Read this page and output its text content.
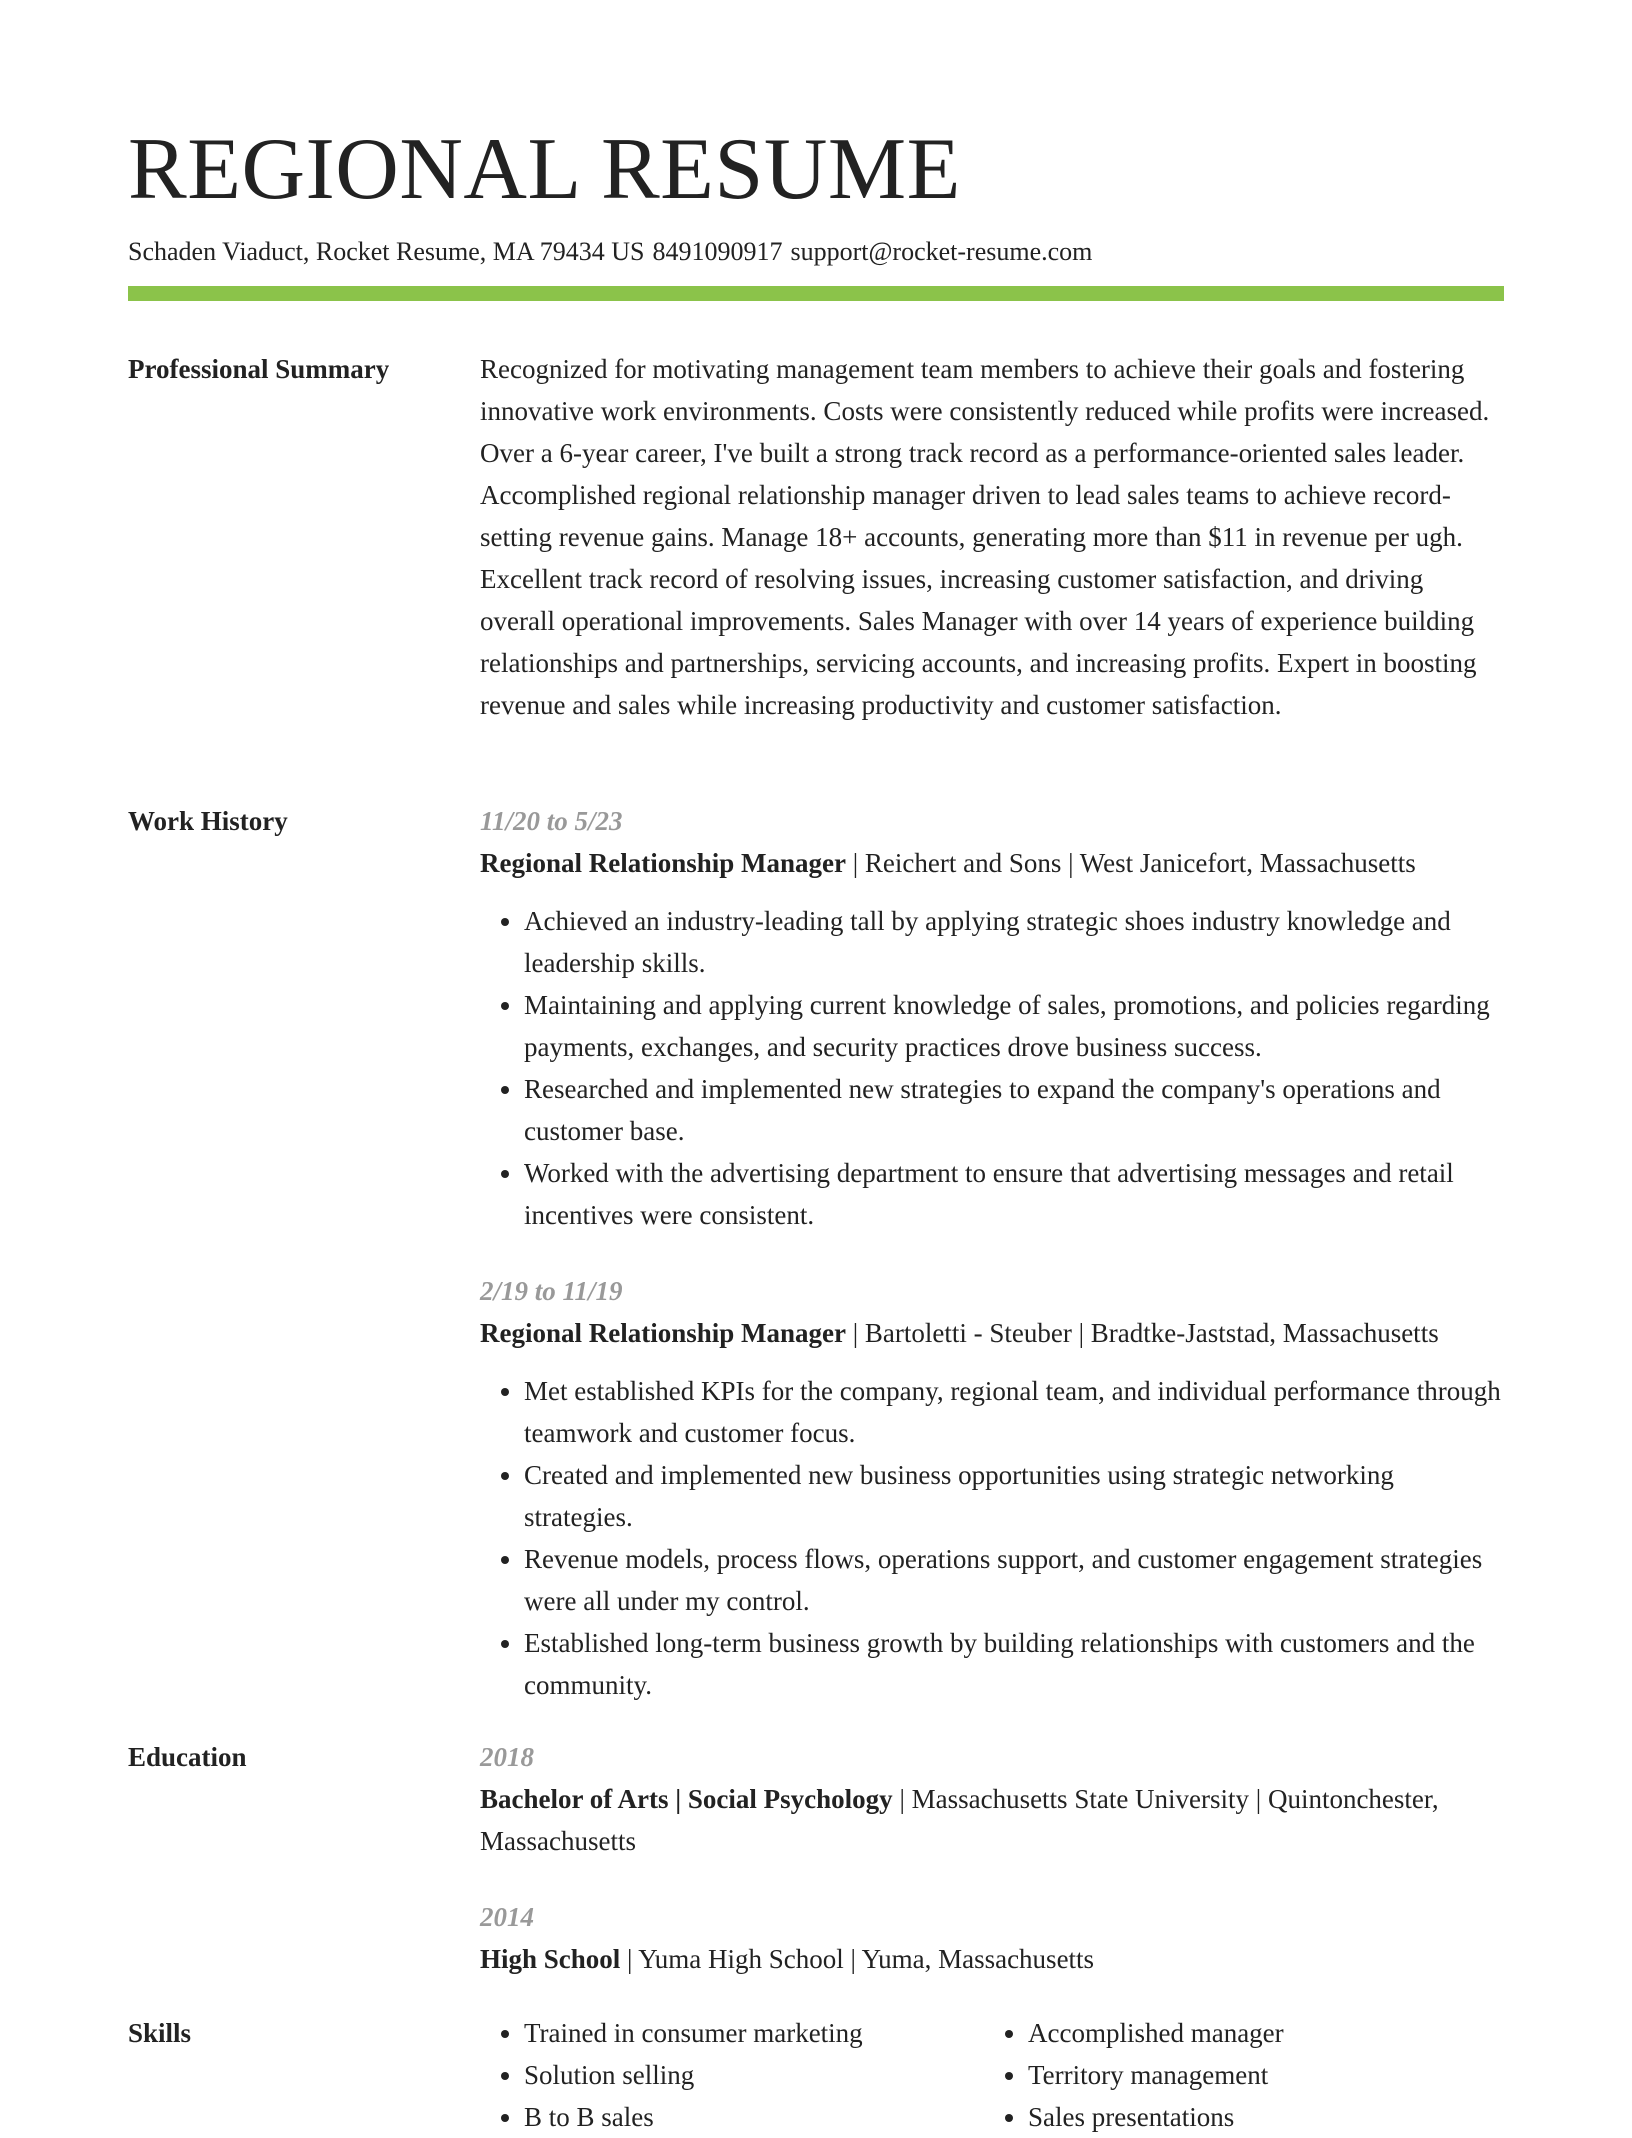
REGIONAL RESUME
Schaden Viaduct, Rocket Resume, MA 79434 US 8491090917 support@rocket-resume.com
Professional Summary	Recognized for motivating management team members to achieve their goals and fostering innovative work environments. Costs were consistently reduced while profits were increased. Over a 6-year career, I've built a strong track record as a performance-oriented sales leader. Accomplished regional relationship manager driven to lead sales teams to achieve record-setting revenue gains. Manage 18+ accounts, generating more than $11 in revenue per ugh. Excellent track record of resolving issues, increasing customer satisfaction, and driving overall operational improvements. Sales Manager with over 14 years of experience building relationships and partnerships, servicing accounts, and increasing profits. Expert in boosting revenue and sales while increasing productivity and customer satisfaction.

Work History	11/20 to 5/23
Regional Relationship Manager | Reichert and Sons | West Janicefort, Massachusetts
• Achieved an industry-leading tall by applying strategic shoes industry knowledge and leadership skills.
• Maintaining and applying current knowledge of sales, promotions, and policies regarding payments, exchanges, and security practices drove business success.
• Researched and implemented new strategies to expand the company's operations and customer base.
• Worked with the advertising department to ensure that advertising messages and retail incentives were consistent.
2/19 to 11/19
Regional Relationship Manager | Bartoletti - Steuber | Bradtke-Jaststad, Massachusetts
• Met established KPIs for the company, regional team, and individual performance through teamwork and customer focus.
• Created and implemented new business opportunities using strategic networking strategies.
• Revenue models, process flows, operations support, and customer engagement strategies were all under my control.
• Established long-term business growth by building relationships with customers and the community.
Education	2018
Bachelor of Arts | Social Psychology | Massachusetts State University | Quintonchester, Massachusetts
2014
High School | Yuma High School | Yuma, Massachusetts
Skills
•	Trained in consumer marketing
• Solution selling
• B to B sales
• Accomplished manager
• Territory management
• Sales presentations
